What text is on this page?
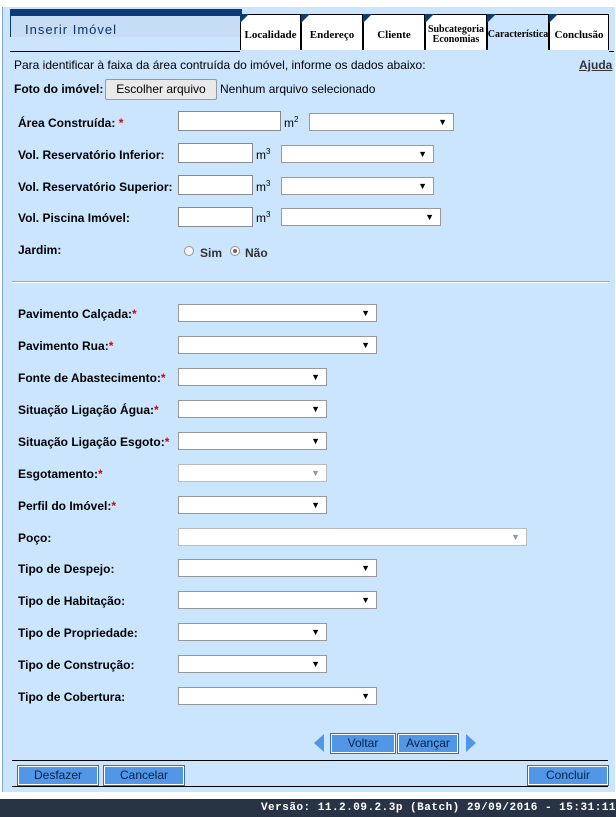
Inserir Imóvel	Localidade Endereço Cliente Subcategoria Economias Característica Conclusão
Para identificar à faixa da área contruída do imóvel, informe os dados abaixo:	Ajuda
Foto do imóvel:	Escolher arquivo	Nenhum arquivo selecionado
Área Construída: *	$m^2$	▼
Vol. Reservatório Inferior:	$m^3$	▼
Vol. Reservatório Superior:	$m^3$	▼
Vol. Piscina Imóvel:	$m^3$	▼
Jardim:	Sim Não
Pavimento Calçada:*	▼
Pavimento Rua:*	▼
Fonte de Abastecimento:*	▼
Situação Ligação Água:*	▼
Situação Ligação Esgoto:*	▼
Esgotamento:*	▼
Perfil do Imóvel:*	▼
Poço:	▼
Tipo de Despejo:	▼
Tipo de Habitação:	▼
Tipo de Propriedade:	▼
Tipo de Construção:	▼
Tipo de Cobertura:	▼
Voltar	Avançar
Desfazer	Cancelar	Concluir
Versão: 11.2.09.2.3p (Batch) 29/09/2016 - 15:31:11
